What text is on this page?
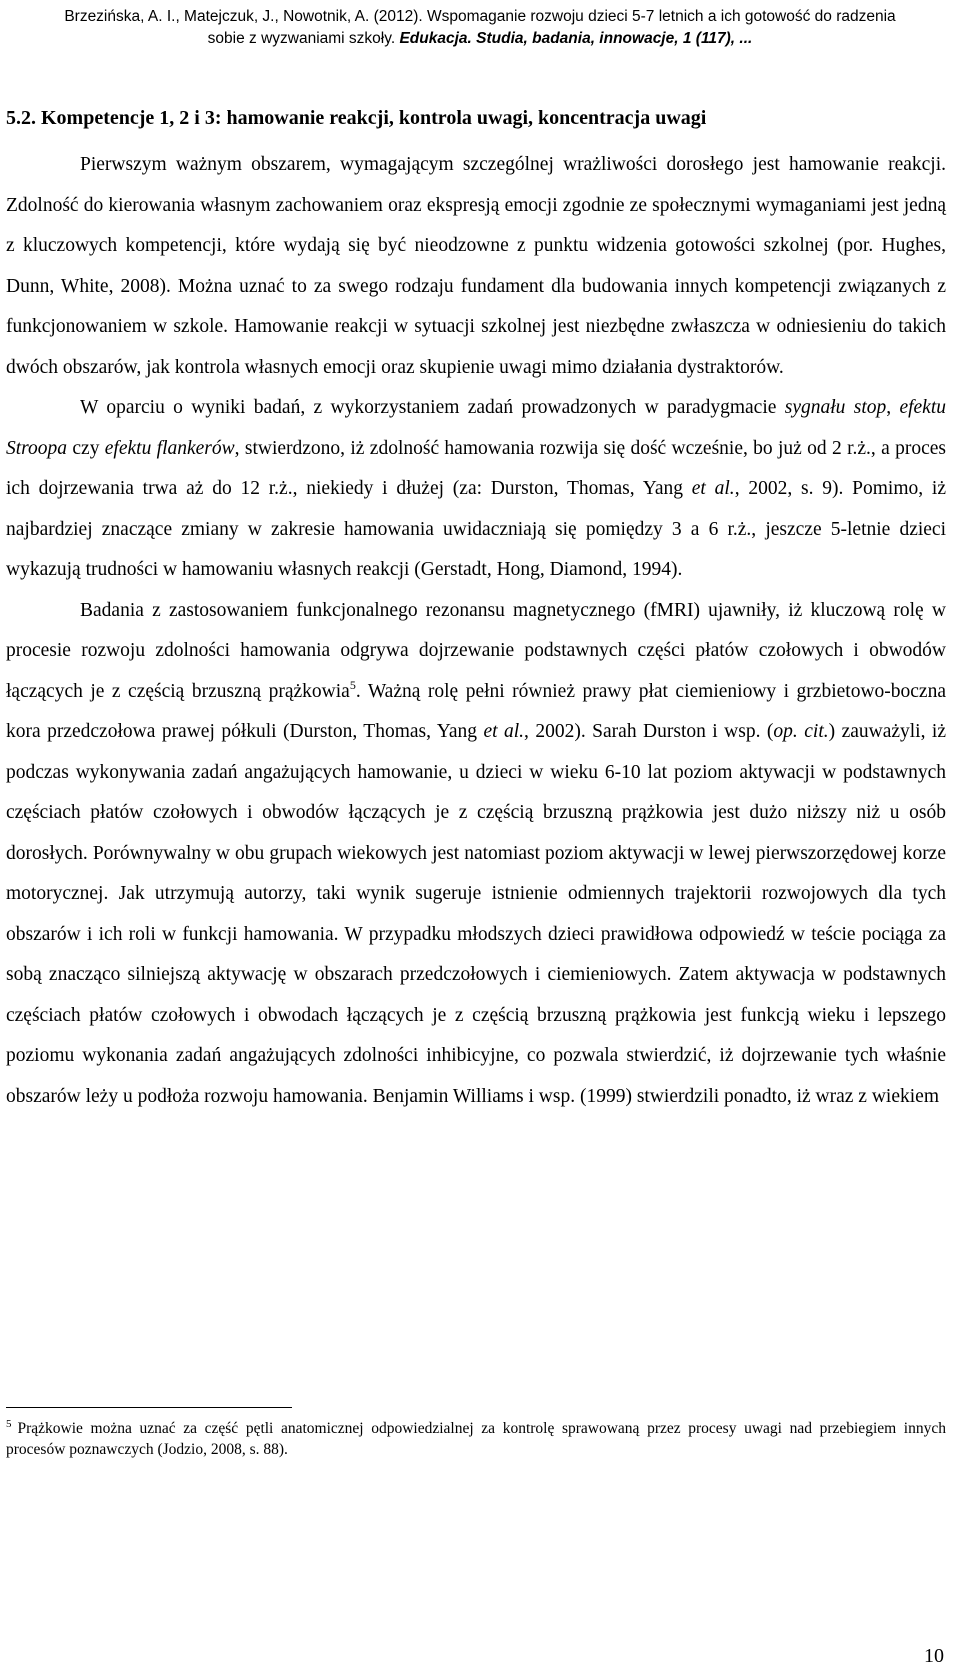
Brzezińska, A. I., Matejczuk, J., Nowotnik, A. (2012). Wspomaganie rozwoju dzieci 5-7 letnich a ich gotowość do radzenia
sobie z wyzwaniami szkoły. Edukacja. Studia, badania, innowacje, 1 (117), ...
5.2. Kompetencje 1, 2 i 3: hamowanie reakcji, kontrola uwagi, koncentracja uwagi

Pierwszym ważnym obszarem, wymagającym szczególnej wrażliwości dorosłego jest hamowanie reakcji. Zdolność do kierowania własnym zachowaniem oraz ekspresją emocji zgodnie ze społecznymi wymaganiami jest jedną z kluczowych kompetencji, które wydają się być nieodzowne z punktu widzenia gotowości szkolnej (por. Hughes, Dunn, White, 2008). Można uznać to za swego rodzaju fundament dla budowania innych kompetencji związanych z funkcjonowaniem w szkole. Hamowanie reakcji w sytuacji szkolnej jest niezbędne zwłaszcza w odniesieniu do takich dwóch obszarów, jak kontrola własnych emocji oraz skupienie uwagi mimo działania dystraktorów.

W oparciu o wyniki badań, z wykorzystaniem zadań prowadzonych w paradygmacie sygnału stop, efektu Stroopa czy efektu flankerów, stwierdzono, iż zdolność hamowania rozwija się dość wcześnie, bo już od 2 r.ż., a proces ich dojrzewania trwa aż do 12 r.ż., niekiedy i dłużej (za: Durston, Thomas, Yang et al., 2002, s. 9). Pomimo, iż najbardziej znaczące zmiany w zakresie hamowania uwidaczniają się pomiędzy 3 a 6 r.ż., jeszcze 5-letnie dzieci wykazują trudności w hamowaniu własnych reakcji (Gerstadt, Hong, Diamond, 1994).

Badania z zastosowaniem funkcjonalnego rezonansu magnetycznego (fMRI) ujawniły, iż kluczową rolę w procesie rozwoju zdolności hamowania odgrywa dojrzewanie podstawnych części płatów czołowych i obwodów łączących je z częścią brzuszną prążkowia$^5$. Ważną rolę pełni również prawy płat ciemieniowy i grzbietowo-boczna kora przedczołowa prawej półkuli (Durston, Thomas, Yang et al., 2002). Sarah Durston i wsp. (op. cit.) zauważyli, iż podczas wykonywania zadań angażujących hamowanie, u dzieci w wieku 6-10 lat poziom aktywacji w podstawnych częściach płatów czołowych i obwodów łączących je z częścią brzuszną prążkowia jest dużo niższy niż u osób dorosłych. Porównywalny w obu grupach wiekowych jest natomiast poziom aktywacji w lewej pierwszorzędowej korze motorycznej. Jak utrzymują autorzy, taki wynik sugeruje istnienie odmiennych trajektorii rozwojowych dla tych obszarów i ich roli w funkcji hamowania. W przypadku młodszych dzieci prawidłowa odpowiedź w teście pociąga za sobą znacząco silniejszą aktywację w obszarach przedczołowych i ciemieniowych. Zatem aktywacja w podstawnych częściach płatów czołowych i obwodach łączących je z częścią brzuszną prążkowia jest funkcją wieku i lepszego poziomu wykonania zadań angażujących zdolności inhibicyjne, co pozwala stwierdzić, iż dojrzewanie tych właśnie obszarów leży u podłoża rozwoju hamowania. Benjamin Williams i wsp. (1999) stwierdzili ponadto, iż wraz z wiekiem

$^5$ Prążkowie można uznać za część pętli anatomicznej odpowiedzialnej za kontrolę sprawowaną przez procesy uwagi nad przebiegiem innych procesów poznawczych (Jodzio, 2008, s. 88).
10
